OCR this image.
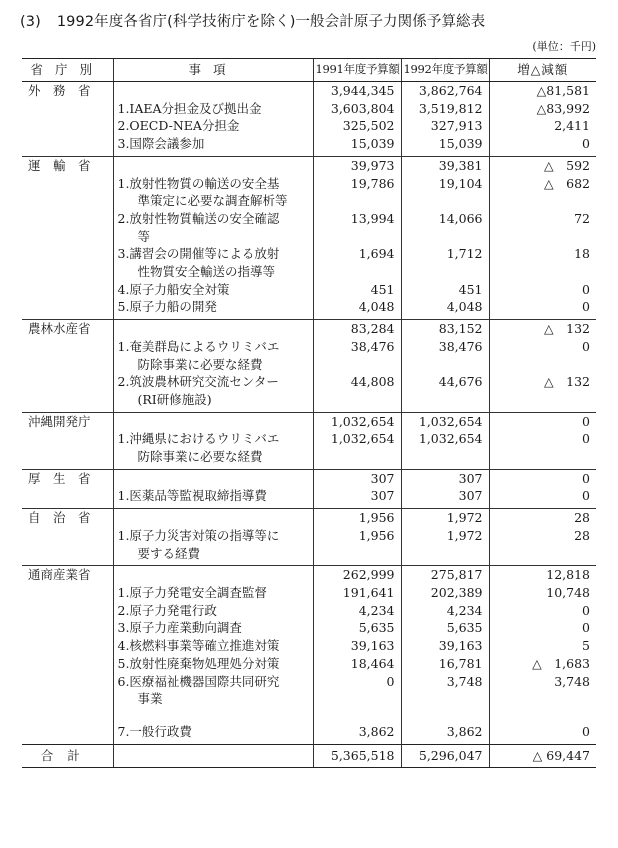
(3) 1992年度各省庁(科学技術庁を除く)一般会計原子力関係予算総表
(単位：千円)
省庁別	事項	1991年度予算額	1992年度予算額	増△減額
外務省		3,944,345	3,862,764	△81,581
	1.IAEA分担金及び拠出金	3,603,804	3,519,812	△83,992
	2.OECD-NEA分担金	325,502	327,913	2,411
	3.国際会議参加	15,039	15,039	0
運輸省		39,973	39,381	△　592
	1.放射性物質の輸送の安全基	19,786	19,104	△　682
	準策定に必要な調査解析等			
	2.放射性物質輸送の安全確認	13,994	14,066	72
	等			
	3.講習会の開催等による放射	1,694	1,712	18
	性物質安全輸送の指導等			
	4.原子力船安全対策	451	451	0
	5.原子力船の開発	4,048	4,048	0
農林水産省		83,284	83,152	△　132
	1.奄美群島によるウリミバエ	38,476	38,476	0
	防除事業に必要な経費			
	2.筑波農林研究交流センター	44,808	44,676	△　132
	(RI研修施設)			
沖縄開発庁		1,032,654	1,032,654	0
	1.沖縄県におけるウリミバエ	1,032,654	1,032,654	0
	防除事業に必要な経費			
厚生省		307	307	0
	1.医薬品等監視取締指導費	307	307	0
自治省		1,956	1,972	28
	1.原子力災害対策の指導等に	1,956	1,972	28
	要する経費			
通商産業省		262,999	275,817	12,818
	1.原子力発電安全調査監督	191,641	202,389	10,748
	2.原子力発電行政	4,234	4,234	0
	3.原子力産業動向調査	5,635	5,635	0
	4.核燃料事業等確立推進対策	39,163	39,163	5
	5.放射性廃棄物処理処分対策	18,464	16,781	△　1,683
	6.医療福祉機器国際共同研究	0	3,748	3,748
	事業			

	7.一般行政費	3,862	3,862	0
合計		5,365,518	5,296,047	△ 69,447
